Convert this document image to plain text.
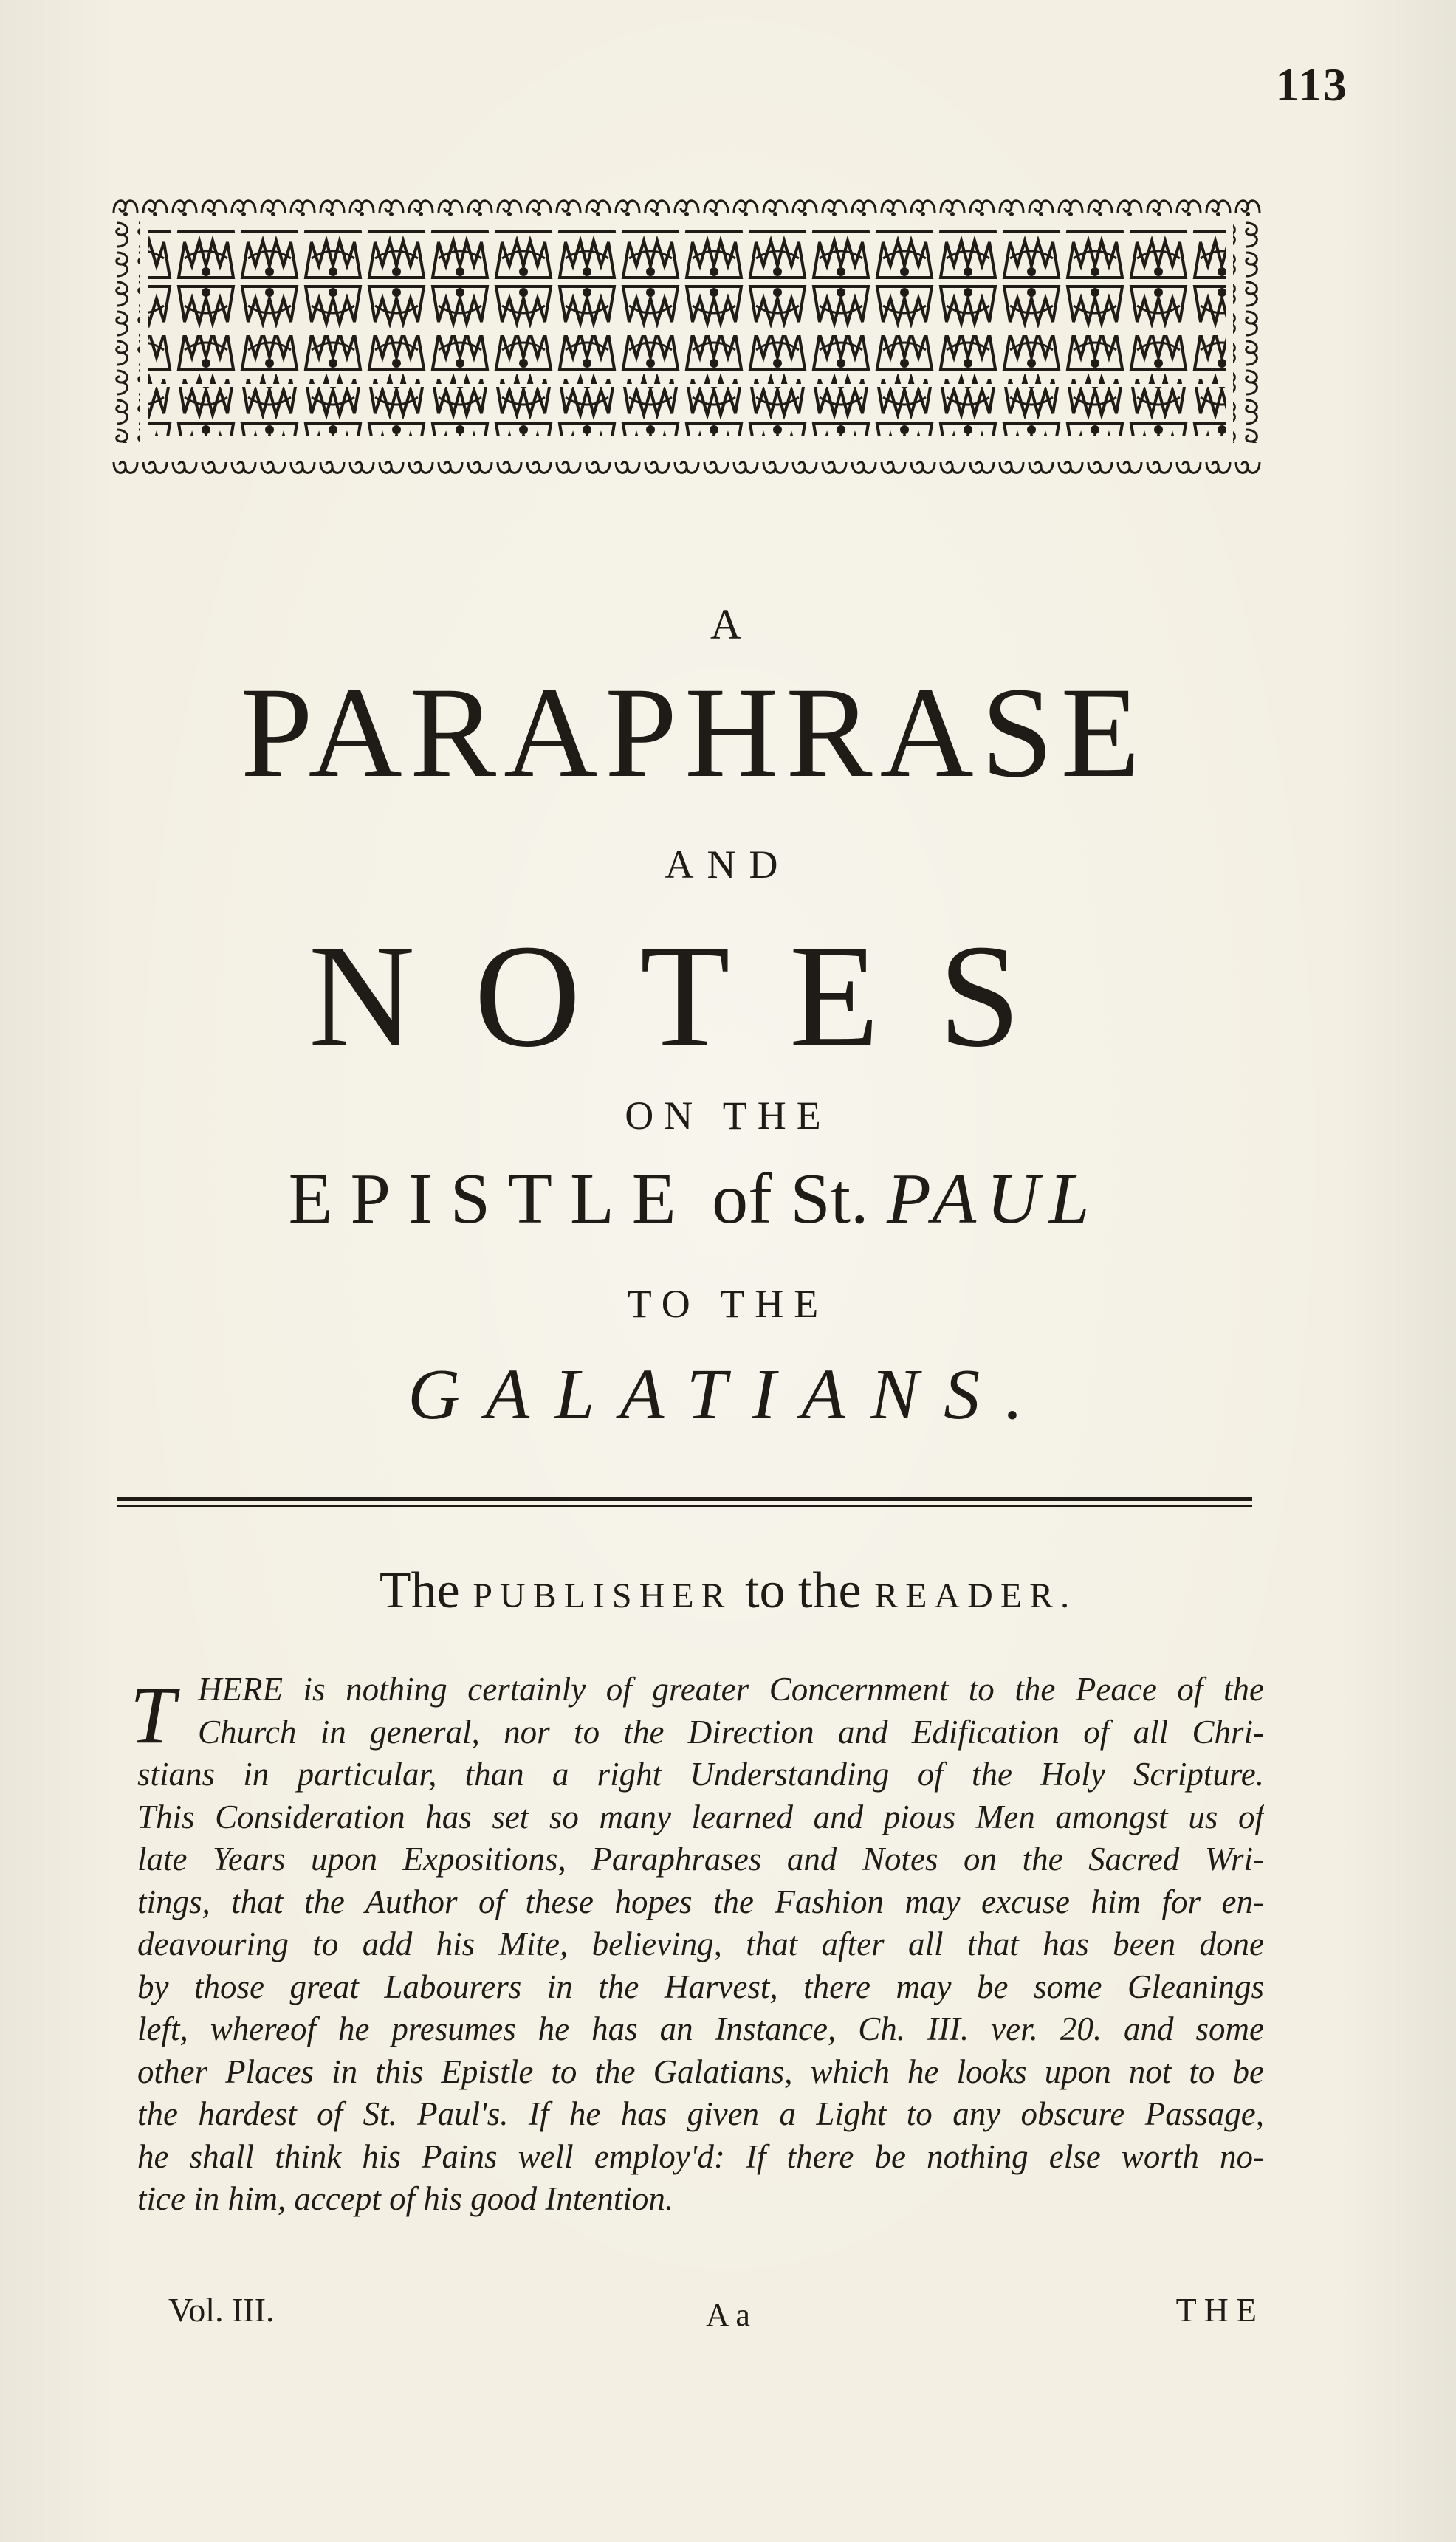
113
A
PARAPHRASE
AND
NOTES
ON THE
EPISTLE of St. PAUL
TO THE
GALATIANS.
The PUBLISHER to the READER.
T HERE is nothing certainly of greater Concernment to the Peace of the
Church in general, nor to the Direction and Edification of all Chri-
stians in particular, than a right Understanding of the Holy Scripture.
This Consideration has set so many learned and pious Men amongst us of
late Years upon Expositions, Paraphrases and Notes on the Sacred Wri-
tings, that the Author of these hopes the Fashion may excuse him for en-
deavouring to add his Mite, believing, that after all that has been done
by those great Labourers in the Harvest, there may be some Gleanings
left, whereof he presumes he has an Instance, Ch. III. ver. 20. and some
other Places in this Epistle to the Galatians, which he looks upon not to be
the hardest of St. Paul's. If he has given a Light to any obscure Passage,
he shall think his Pains well employ'd: If there be nothing else worth no-
tice in him, accept of his good Intention.
Vol. III.	A a	THE
